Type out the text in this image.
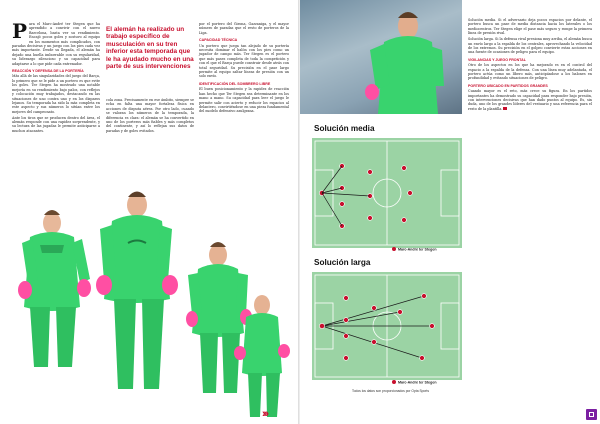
Para el Marc-André ter Stegen que ha aprendido a convivir con el nuevo Barcelona, basta ver su rendimiento. Encajó pocos goles y sostuvo al equipo en los momentos más complicados, con paradas decisivas y un juego con los pies cada vez más importante. Desde su llegada, el alemán ha dejado una huella imborrable con su regularidad, su liderazgo silencioso y su capacidad para adaptarse a lo que pide cada entrenador.

REACCIÓN Y DEFENSA DE LA PORTERÍA

Más allá de las singularidades del juego del Barça, lo primero que se le pide a un portero es que evite los goles. Ter Stegen ha mostrado una notable mejoría en su rendimiento bajo palos, con reflejos y colocación muy trabajados, destacando en las situaciones de uno contra uno y en los disparos lejanos. Su temporada ha sido la más completa en este aspecto y sus números lo sitúan entre los mejores del campeonato.

Ante los tiros que se producen dentro del área, el alemán responde con una rapidez sorprendente, y su lectura de las jugadas le permite anticiparse a muchos atacantes.

El alemán ha realizado un trabajo específico de musculación en su tren inferior esta temporada que le ha ayudado mucho en una parte de sus intervenciones

cola zona. Precisamente en ese ámbito, siempre se echa en falta una mayor fortaleza física en acciones de disputa aérea. Por otro lado, cuando se valoran los números de la temporada, la diferencia es clara: el alemán se ha convertido en uno de los porteros más fiables y más completos del continente, y así lo reflejan sus datos de paradas y de goles evitados.

por el portero del Girona, Gazzaniga, y el mayor número de paradas que el resto de porteros de la Liga.

CAPACIDAD TÉCNICA

Un portero que juega tan alejado de su portería necesita dominar el balón con los pies como un jugador de campo más. Ter Stegen es el portero que más pases completa de toda la competición y con el que el Barça puede construir desde atrás con total seguridad. Su precisión en el pase largo permite al equipo saltar líneas de presión con un solo envío.

IDENTIFICACIÓN DEL SOMBRERO LIBRE

El buen posicionamiento y la rapidez de reacción han hecho que Ter Stegen sea determinante en los mano a mano. Su capacidad para leer el juego le permite salir con acierto y reducir los espacios al delantero, convirtiéndose en una pieza fundamental del modelo defensivo azulgrana.

›››
Solución media
Marc-André ter Stegen
Solución larga
Marc-André ter Stegen
Todos los datos son proporcionados por Opta Sports

Solución media. Si el adversario deja pocos espacios por delante, el portero busca un pase de media distancia hacia los laterales o los mediocentros. Ter Stegen elige el pase más seguro y rompe la primera línea de presión rival.

Solución larga. Si la defensa rival presiona muy arriba, el alemán busca un envío largo a la espalda de los centrales, aprovechando la velocidad de los extremos. Su precisión en el golpeo convierte estas acciones en una fuente de ocasiones de peligro para el equipo.

VIGILANCIAS Y JUEGO FRONTAL

Otro de los aspectos en los que ha mejorado es en el control del espacio a la espalda de la defensa. Con una línea muy adelantada, el portero actúa como un líbero más, anticipándose a los balones en profundidad y evitando situaciones de peligro.

PORTERO UBICADO EN PARTIDOS GRANDES

Cuando mayor es el reto, más crece su figura. En los partidos importantes ha demostrado su capacidad para responder bajo presión, con intervenciones decisivas que han dado puntos al equipo. Es, sin duda, uno de los grandes líderes del vestuario y una referencia para el resto de la plantilla.
